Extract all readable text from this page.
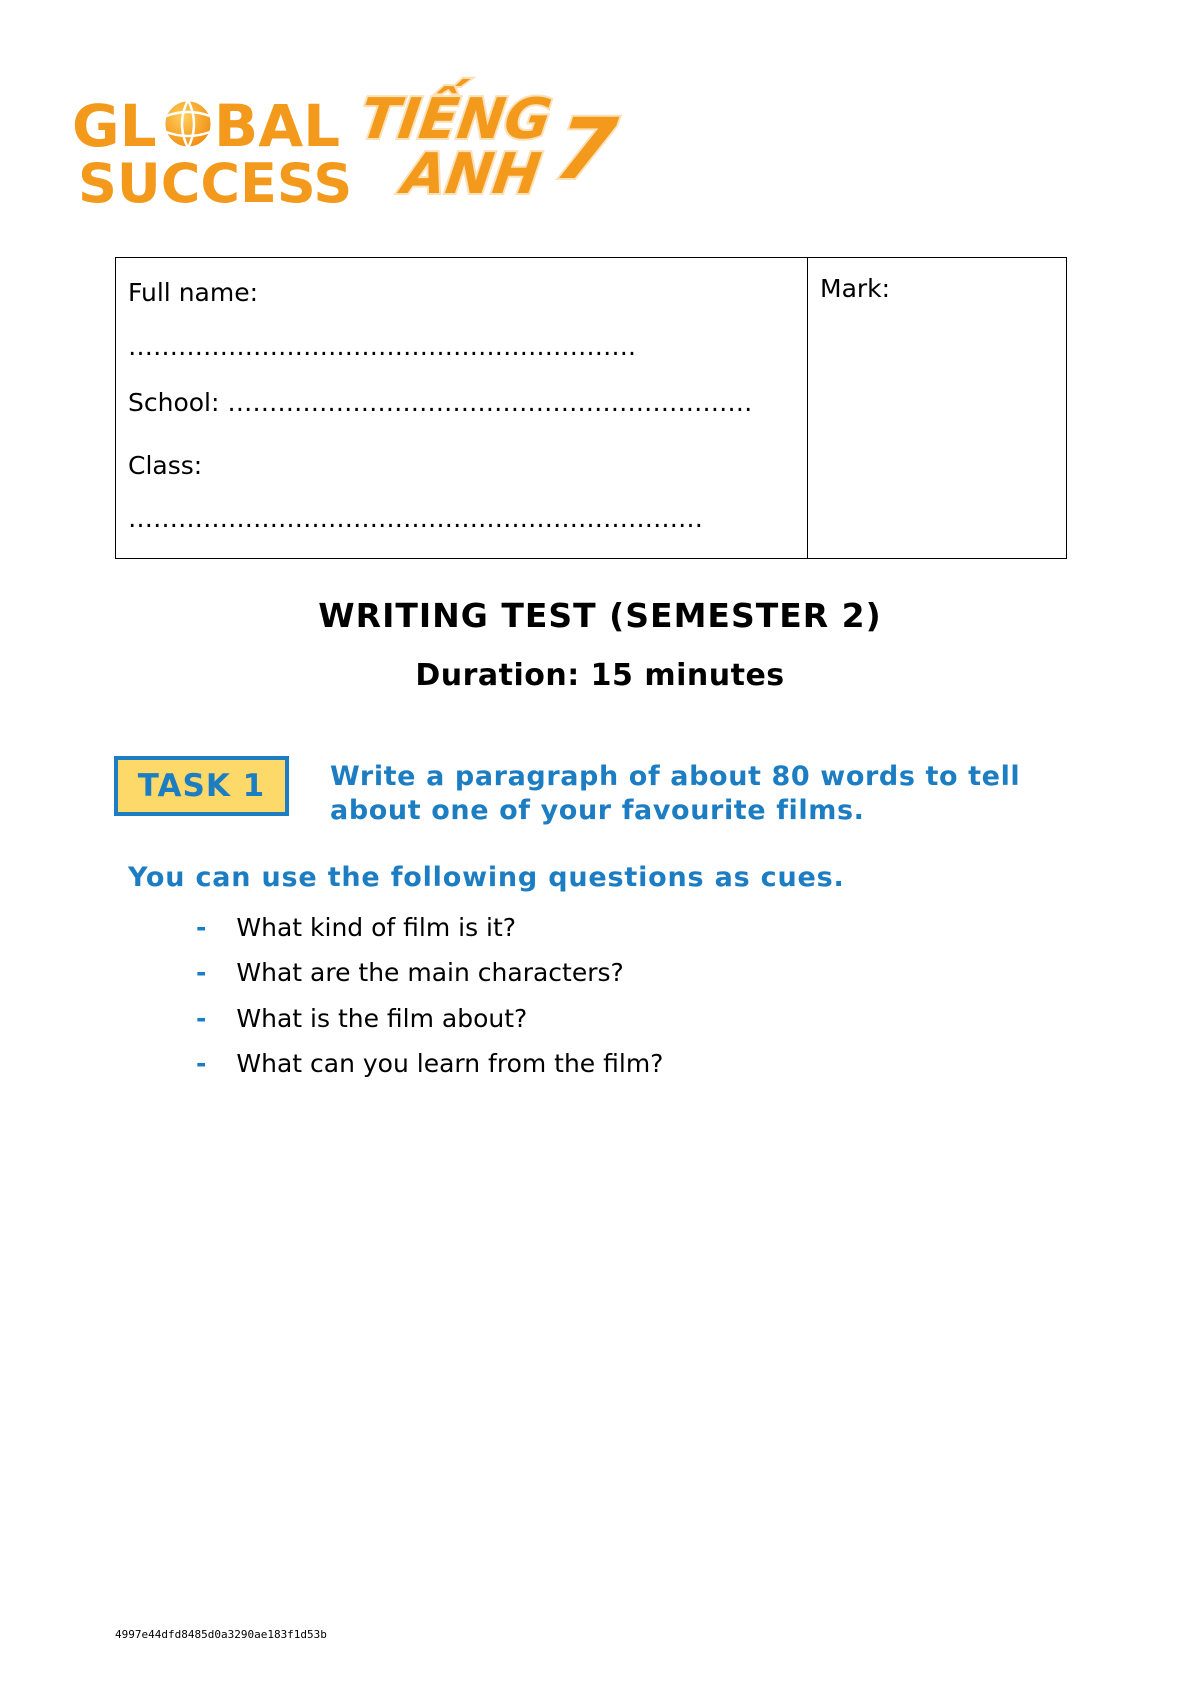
GL BAL
SUCCESS
TIẾNG
ANH 7
Full name:
…………………………………………………….
School: ………………………………………………………
Class:
……………………………………………………………
Mark:
WRITING TEST (SEMESTER 2)
Duration: 15 minutes
TASK 1	Write a paragraph of about 80 words to tell about one of your favourite films.
You can use the following questions as cues.
- What kind of film is it?
- What are the main characters?
- What is the film about?
- What can you learn from the film?
4997e44dfd8485d0a3290ae183f1d53b
